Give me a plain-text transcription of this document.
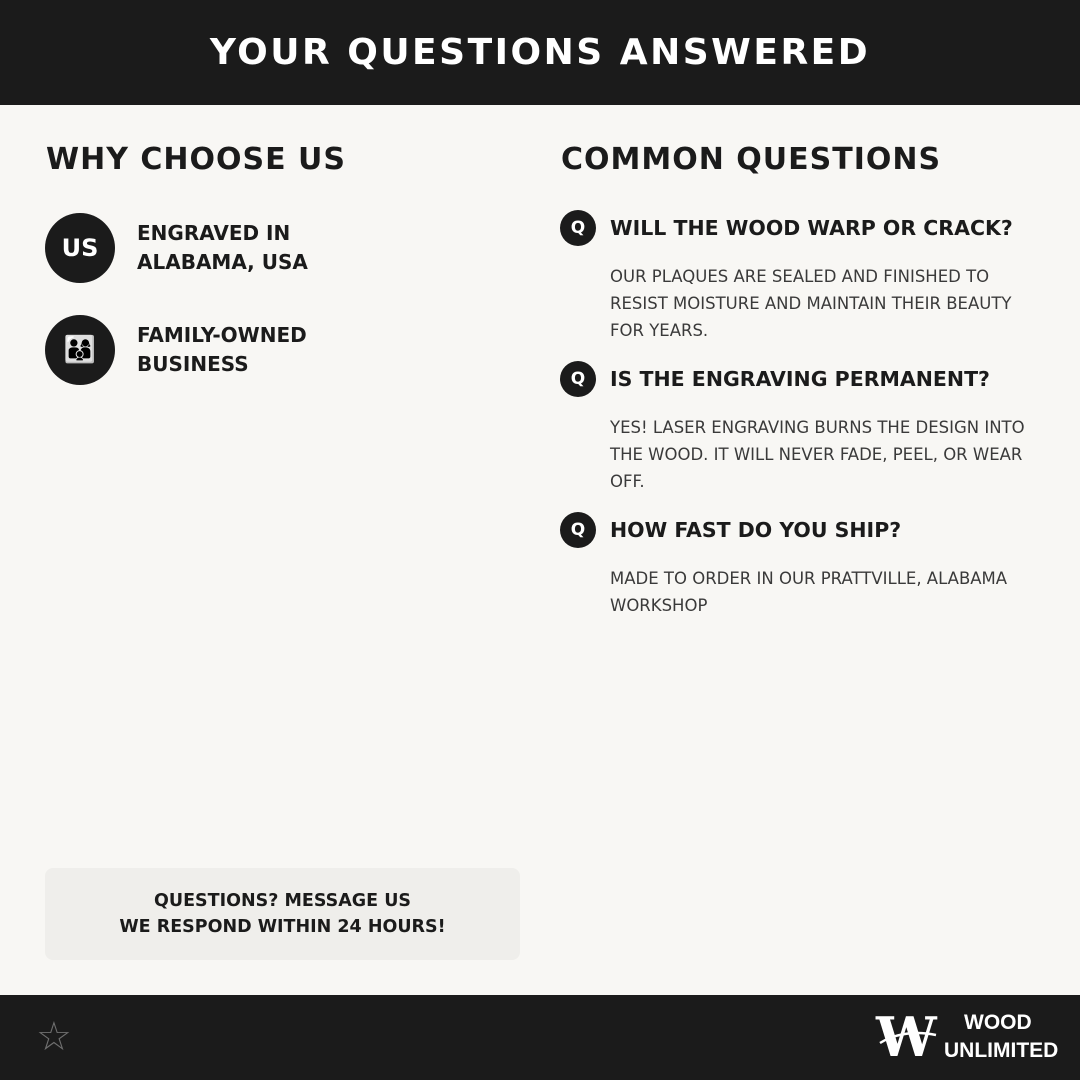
YOUR QUESTIONS ANSWERED
WHY CHOOSE US
US
ENGRAVED IN
ALABAMA, USA
👨‍👩‍👦	FAMILY-OWNED
BUSINESS
COMMON QUESTIONS
Q	WILL THE WOOD WARP OR CRACK?
OUR PLAQUES ARE SEALED AND FINISHED TO RESIST MOISTURE AND MAINTAIN THEIR BEAUTY FOR YEARS.
Q	IS THE ENGRAVING PERMANENT?
YES! LASER ENGRAVING BURNS THE DESIGN INTO THE WOOD. IT WILL NEVER FADE, PEEL, OR WEAR OFF.
Q	HOW FAST DO YOU SHIP?
MADE TO ORDER IN OUR PRATTVILLE, ALABAMA WORKSHOP
QUESTIONS? MESSAGE US
WE RESPOND WITHIN 24 HOURS!
☆	W	WOOD
UNLIMITED
